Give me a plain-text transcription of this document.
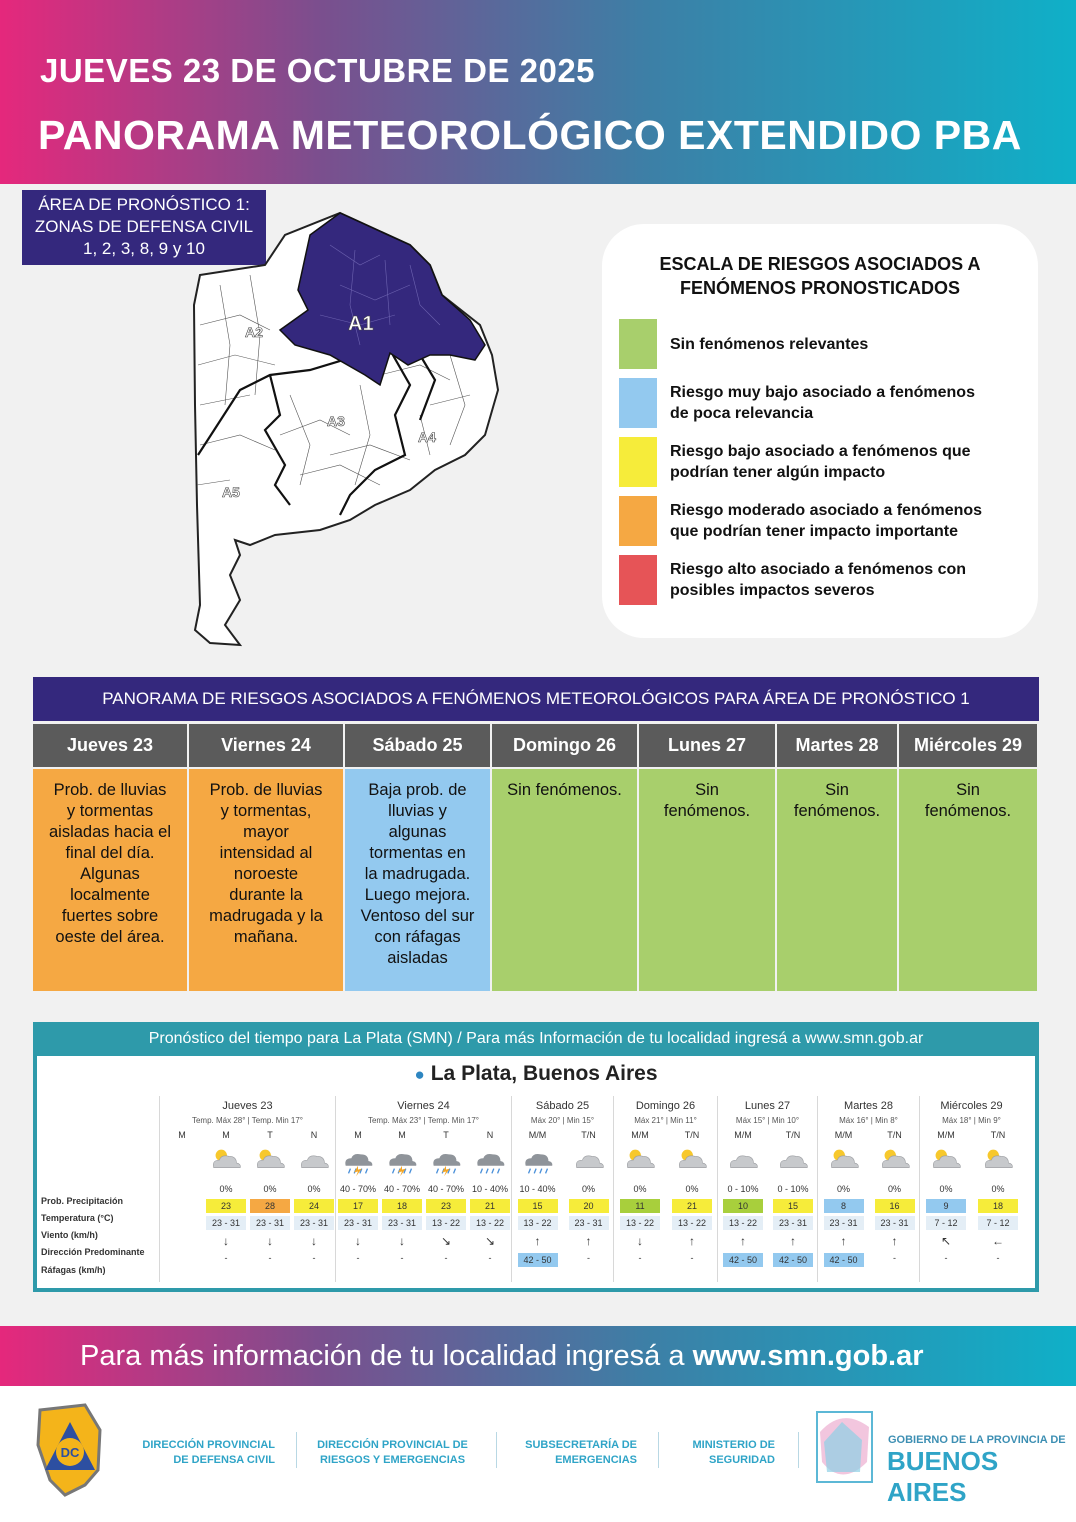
JUEVES 23 DE OCTUBRE DE 2025
PANORAMA METEOROLÓGICO EXTENDIDO PBA
ÁREA DE PRONÓSTICO 1:
ZONAS DE DEFENSA CIVIL
1, 2, 3, 8, 9 y 10
A1
A2
A3
A4
A5
ESCALA DE RIESGOS ASOCIADOS A
FENÓMENOS PRONOSTICADOS
Sin fenómenos relevantes
Riesgo muy bajo asociado a fenómenos
de poca relevancia
Riesgo bajo asociado a fenómenos que
podrían tener algún impacto
Riesgo moderado asociado a fenómenos
que podrían tener impacto importante
Riesgo alto asociado a fenómenos con
posibles impactos severos
PANORAMA DE RIESGOS ASOCIADOS A FENÓMENOS METEOROLÓGICOS PARA ÁREA DE PRONÓSTICO 1
Jueves 23
Prob. de lluvias
y tormentas
aisladas hacia el
final del día.
Algunas
localmente
fuertes sobre
oeste del área.
Viernes 24
Prob. de lluvias
y tormentas,
mayor
intensidad al
noroeste
durante la
madrugada y la
mañana.
Sábado 25
Baja prob. de
lluvias y
algunas
tormentas en
la madrugada.
Luego mejora.
Ventoso del sur
con ráfagas
aisladas
Domingo 26
Sin fenómenos.
Lunes 27
Sin
fenómenos.
Martes 28
Sin
fenómenos.
Miércoles 29
Sin
fenómenos.
Pronóstico del tiempo para La Plata (SMN) / Para más Información de tu localidad ingresá a www.smn.gob.ar
● La Plata, Buenos Aires
Prob. Precipitación
Temperatura (°C)
Viento (km/h)
Dirección Predominante
Ráfagas (km/h)
Jueves 23
Temp. Máx 28° | Temp. Min 17°
M	M
0%
23
23 - 31
↓
-
T
0%
28
23 - 31
↓
-
N
0%
24
23 - 31
↓
-
Viernes 24
Temp. Máx 23° | Temp. Min 17°
M
40 - 70%
17
23 - 31
↓
-
M
40 - 70%
18
23 - 31
↓
-
T
40 - 70%
23
13 - 22
↘
-
N
10 - 40%
21
13 - 22
↘
-
Sábado 25
Máx 20° | Min 15°
M/M
10 - 40%
15
13 - 22
↑
42 - 50
T/N
0%
20
23 - 31
↑
-
Domingo 26
Máx 21° | Min 11°
M/M
0%
11
13 - 22
↓
-
T/N
0%
21
13 - 22
↑
-
Lunes 27
Máx 15° | Min 10°
M/M
0 - 10%
10
13 - 22
↑
42 - 50
T/N
0 - 10%
15
23 - 31
↑
42 - 50
Martes 28
Máx 16° | Min 8°
M/M
0%
8
23 - 31
↑
42 - 50
T/N
0%
16
23 - 31
↑
-
Miércoles 29
Máx 18° | Min 9°
M/M
0%
9
7 - 12
↖
-
T/N
0%
18
7 - 12
←
-
Para más información de tu localidad ingresá a www.smn.gob.ar
DC	DIRECCIÓN PROVINCIAL
DE DEFENSA CIVIL
DIRECCIÓN PROVINCIAL DE
RIESGOS Y EMERGENCIAS
SUBSECRETARÍA DE
EMERGENCIAS
MINISTERIO DE
SEGURIDAD
GOBIERNO DE LA PROVINCIA DE
BUENOS AIRES
